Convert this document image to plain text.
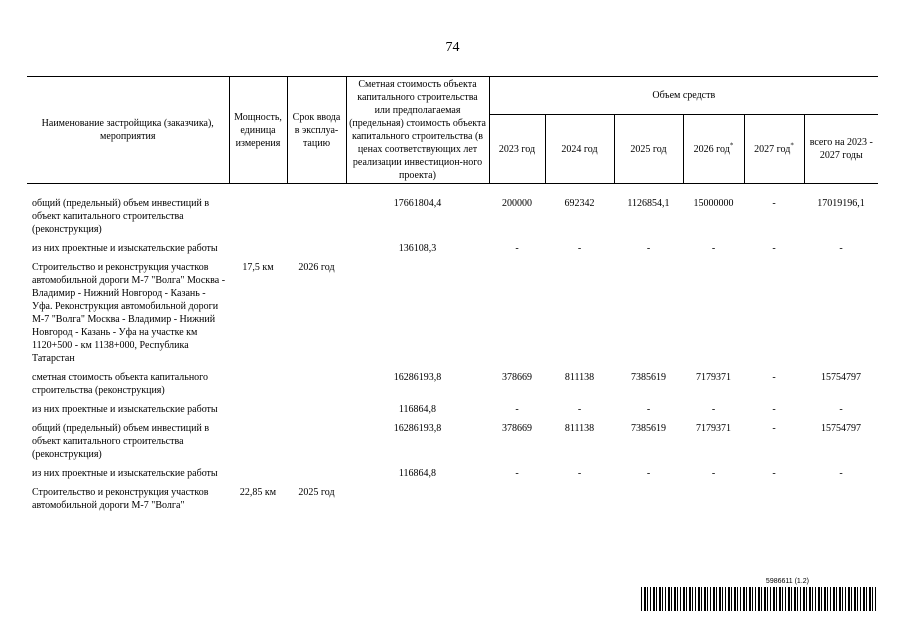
74
Наименование застройщика (заказчика), мероприятия	Мощность, единица измерения	Срок ввода в эксплуа-тацию	Сметная стоимость объекта капитального строительства или предполагаемая (предельная) стоимость объекта капитального строительства (в ценах соответствующих лет реализации инвестицион-ного проекта)	Объем средств					
				2023 год	2024 год	2025 год	2026 год*	2027 год*	всего на 2023 - 2027 годы

общий (предельный) объем инвестиций в объект капитального строительства (реконструкция)			17661804,4	200000	692342	1126854,1	15000000	-	17019196,1
из них проектные и изыскательские работы			136108,3	-	-	-	-	-	-
Строительство и реконструкция участков автомобильной дороги М-7 "Волга" Москва - Владимир - Нижний Новгород - Казань - Уфа. Реконструкция автомобильной дороги М-7 "Волга" Москва - Владимир - Нижний Новгород - Казань - Уфа на участке км 1120+500 - км 1138+000, Республика Татарстан	17,5 км	2026 год							
сметная стоимость объекта капитального строительства (реконструкция)			16286193,8	378669	811138	7385619	7179371	-	15754797
из них проектные и изыскательские работы			116864,8	-	-	-	-	-	-
общий (предельный) объем инвестиций в объект капитального строительства (реконструкция)			16286193,8	378669	811138	7385619	7179371	-	15754797
из них проектные и изыскательские работы			116864,8	-	-	-	-	-	-
Строительство и реконструкция участков автомобильной дороги М-7 "Волга"	22,85 км	2025 год							
5986611 (1.2)
